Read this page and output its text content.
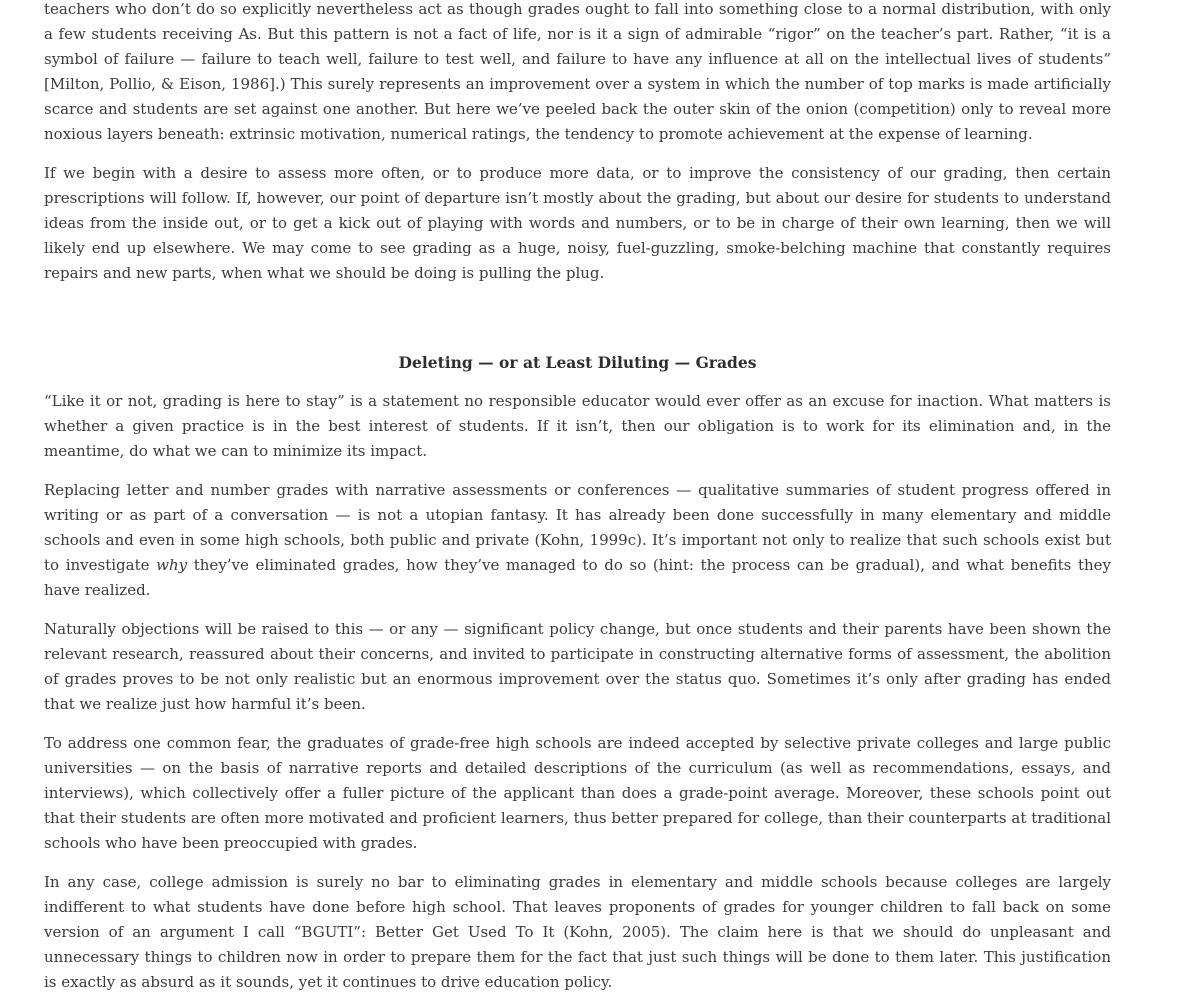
teachers who don’t do so explicitly nevertheless act as though grades ought to fall into something close to a normal distribution, with only a few students receiving As. But this pattern is not a fact of life, nor is it a sign of admirable “rigor” on the teacher’s part. Rather, “it is a symbol of failure — failure to teach well, failure to test well, and failure to have any influence at all on the intellectual lives of students” [Milton, Pollio, & Eison, 1986].) This surely represents an improvement over a system in which the number of top marks is made artificially scarce and students are set against one another. But here we’ve peeled back the outer skin of the onion (competition) only to reveal more noxious layers beneath: extrinsic motivation, numerical ratings, the tendency to promote achievement at the expense of learning.

If we begin with a desire to assess more often, or to produce more data, or to improve the consistency of our grading, then certain prescriptions will follow. If, however, our point of departure isn’t mostly about the grading, but about our desire for students to understand ideas from the inside out, or to get a kick out of playing with words and numbers, or to be in charge of their own learning, then we will likely end up elsewhere. We may come to see grading as a huge, noisy, fuel-guzzling, smoke-belching machine that constantly requires repairs and new parts, when what we should be doing is pulling the plug.

Deleting — or at Least Diluting — Grades

“Like it or not, grading is here to stay” is a statement no responsible educator would ever offer as an excuse for inaction. What matters is whether a given practice is in the best interest of students. If it isn’t, then our obligation is to work for its elimination and, in the meantime, do what we can to minimize its impact.

Replacing letter and number grades with narrative assessments or conferences — qualitative summaries of student progress offered in writing or as part of a conversation — is not a utopian fantasy. It has already been done successfully in many elementary and middle schools and even in some high schools, both public and private (Kohn, 1999c). It’s important not only to realize that such schools exist but to investigate why they’ve eliminated grades, how they’ve managed to do so (hint: the process can be gradual), and what benefits they have realized.

Naturally objections will be raised to this — or any — significant policy change, but once students and their parents have been shown the relevant research, reassured about their concerns, and invited to participate in constructing alternative forms of assessment, the abolition of grades proves to be not only realistic but an enormous improvement over the status quo. Sometimes it’s only after grading has ended that we realize just how harmful it’s been.

To address one common fear, the graduates of grade-free high schools are indeed accepted by selective private colleges and large public universities — on the basis of narrative reports and detailed descriptions of the curriculum (as well as recommendations, essays, and interviews), which collectively offer a fuller picture of the applicant than does a grade-point average. Moreover, these schools point out that their students are often more motivated and proficient learners, thus better prepared for college, than their counterparts at traditional schools who have been preoccupied with grades.

In any case, college admission is surely no bar to eliminating grades in elementary and middle schools because colleges are largely indifferent to what students have done before high school. That leaves proponents of grades for younger children to fall back on some version of an argument I call “BGUTI”: Better Get Used To It (Kohn, 2005). The claim here is that we should do unpleasant and unnecessary things to children now in order to prepare them for the fact that just such things will be done to them later. This justification is exactly as absurd as it sounds, yet it continues to drive education policy.
